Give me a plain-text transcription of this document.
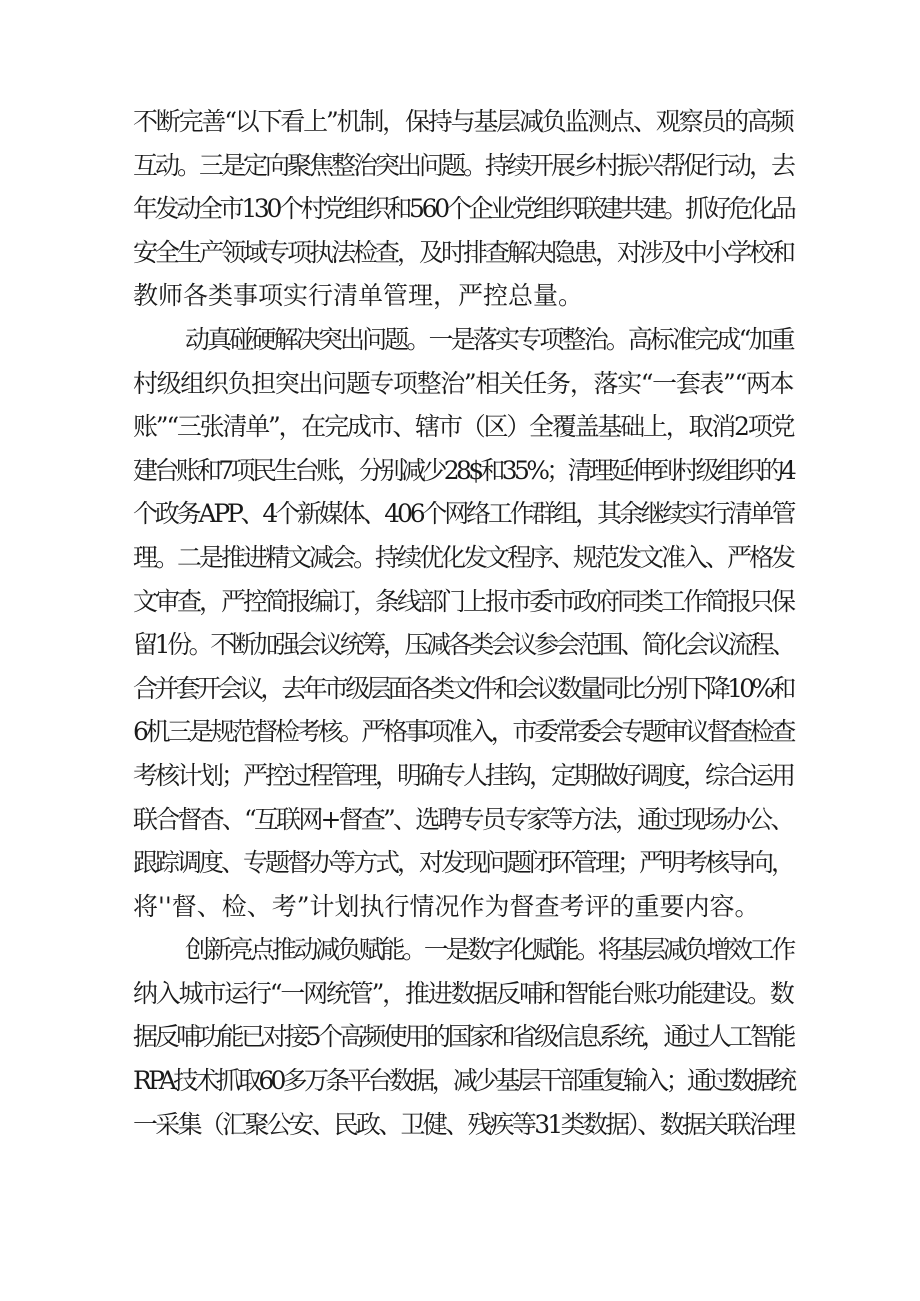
不断完善“以下看上”机制，保持与基层减负监测点、观察员的高频
互动。三是定向聚焦整治突出问题。持续开展乡村振兴帮促行动，去
年发动全市130个村党组织和560个企业党组织联建共建。抓好危化品
安全生产领域专项执法检查，及时排查解决隐患，对涉及中小学校和
教师各类事项实行清单管理，严控总量。
动真碰硬解决突出问题。一是落实专项整治。高标准完成“加重
村级组织负担突出问题专项整治”相关任务，落实“一套表”“两本
账”“三张清单”，在完成市、辖市（区）全覆盖基础上，取消2项党
建台账和7项民生台账，分别减少28$和35%；清理延伸到村级组织的4
个政务APP、4个新媒体、406个网络工作群组，其余继续实行清单管
理。二是推进精文减会。持续优化发文程序、规范发文准入、严格发
文审查，严控简报编订，条线部门上报市委市政府同类工作简报只保
留1份。不断加强会议统筹，压减各类会议参会范围、简化会议流程、
合并套开会议，去年市级层面各类文件和会议数量同比分别下降10%和
6机三是规范督检考核。严格事项准入，市委常委会专题审议督查检查
考核计划；严控过程管理，明确专人挂钩，定期做好调度，综合运用
联合督杳、“互联网+督查”、选聘专员专家等方法，通过现场办公、
跟踪调度、专题督办等方式，对发现问题闭环管理；严明考核导向，
将''督、检、考”计划执行情况作为督查考评的重要内容。
创新亮点推动减负赋能。一是数字化赋能。将基层减负增效工作
纳入城市运行“一网统管”，推进数据反哺和智能台账功能建设。数
据反哺功能已对接5个高频使用的国家和省级信息系统，通过人工智能
RPA技术抓取60多万条平台数据，减少基层干部重复输入；通过数据统
一采集（汇聚公安、民政、卫健、残疾等31类数据）、数据关联治理
